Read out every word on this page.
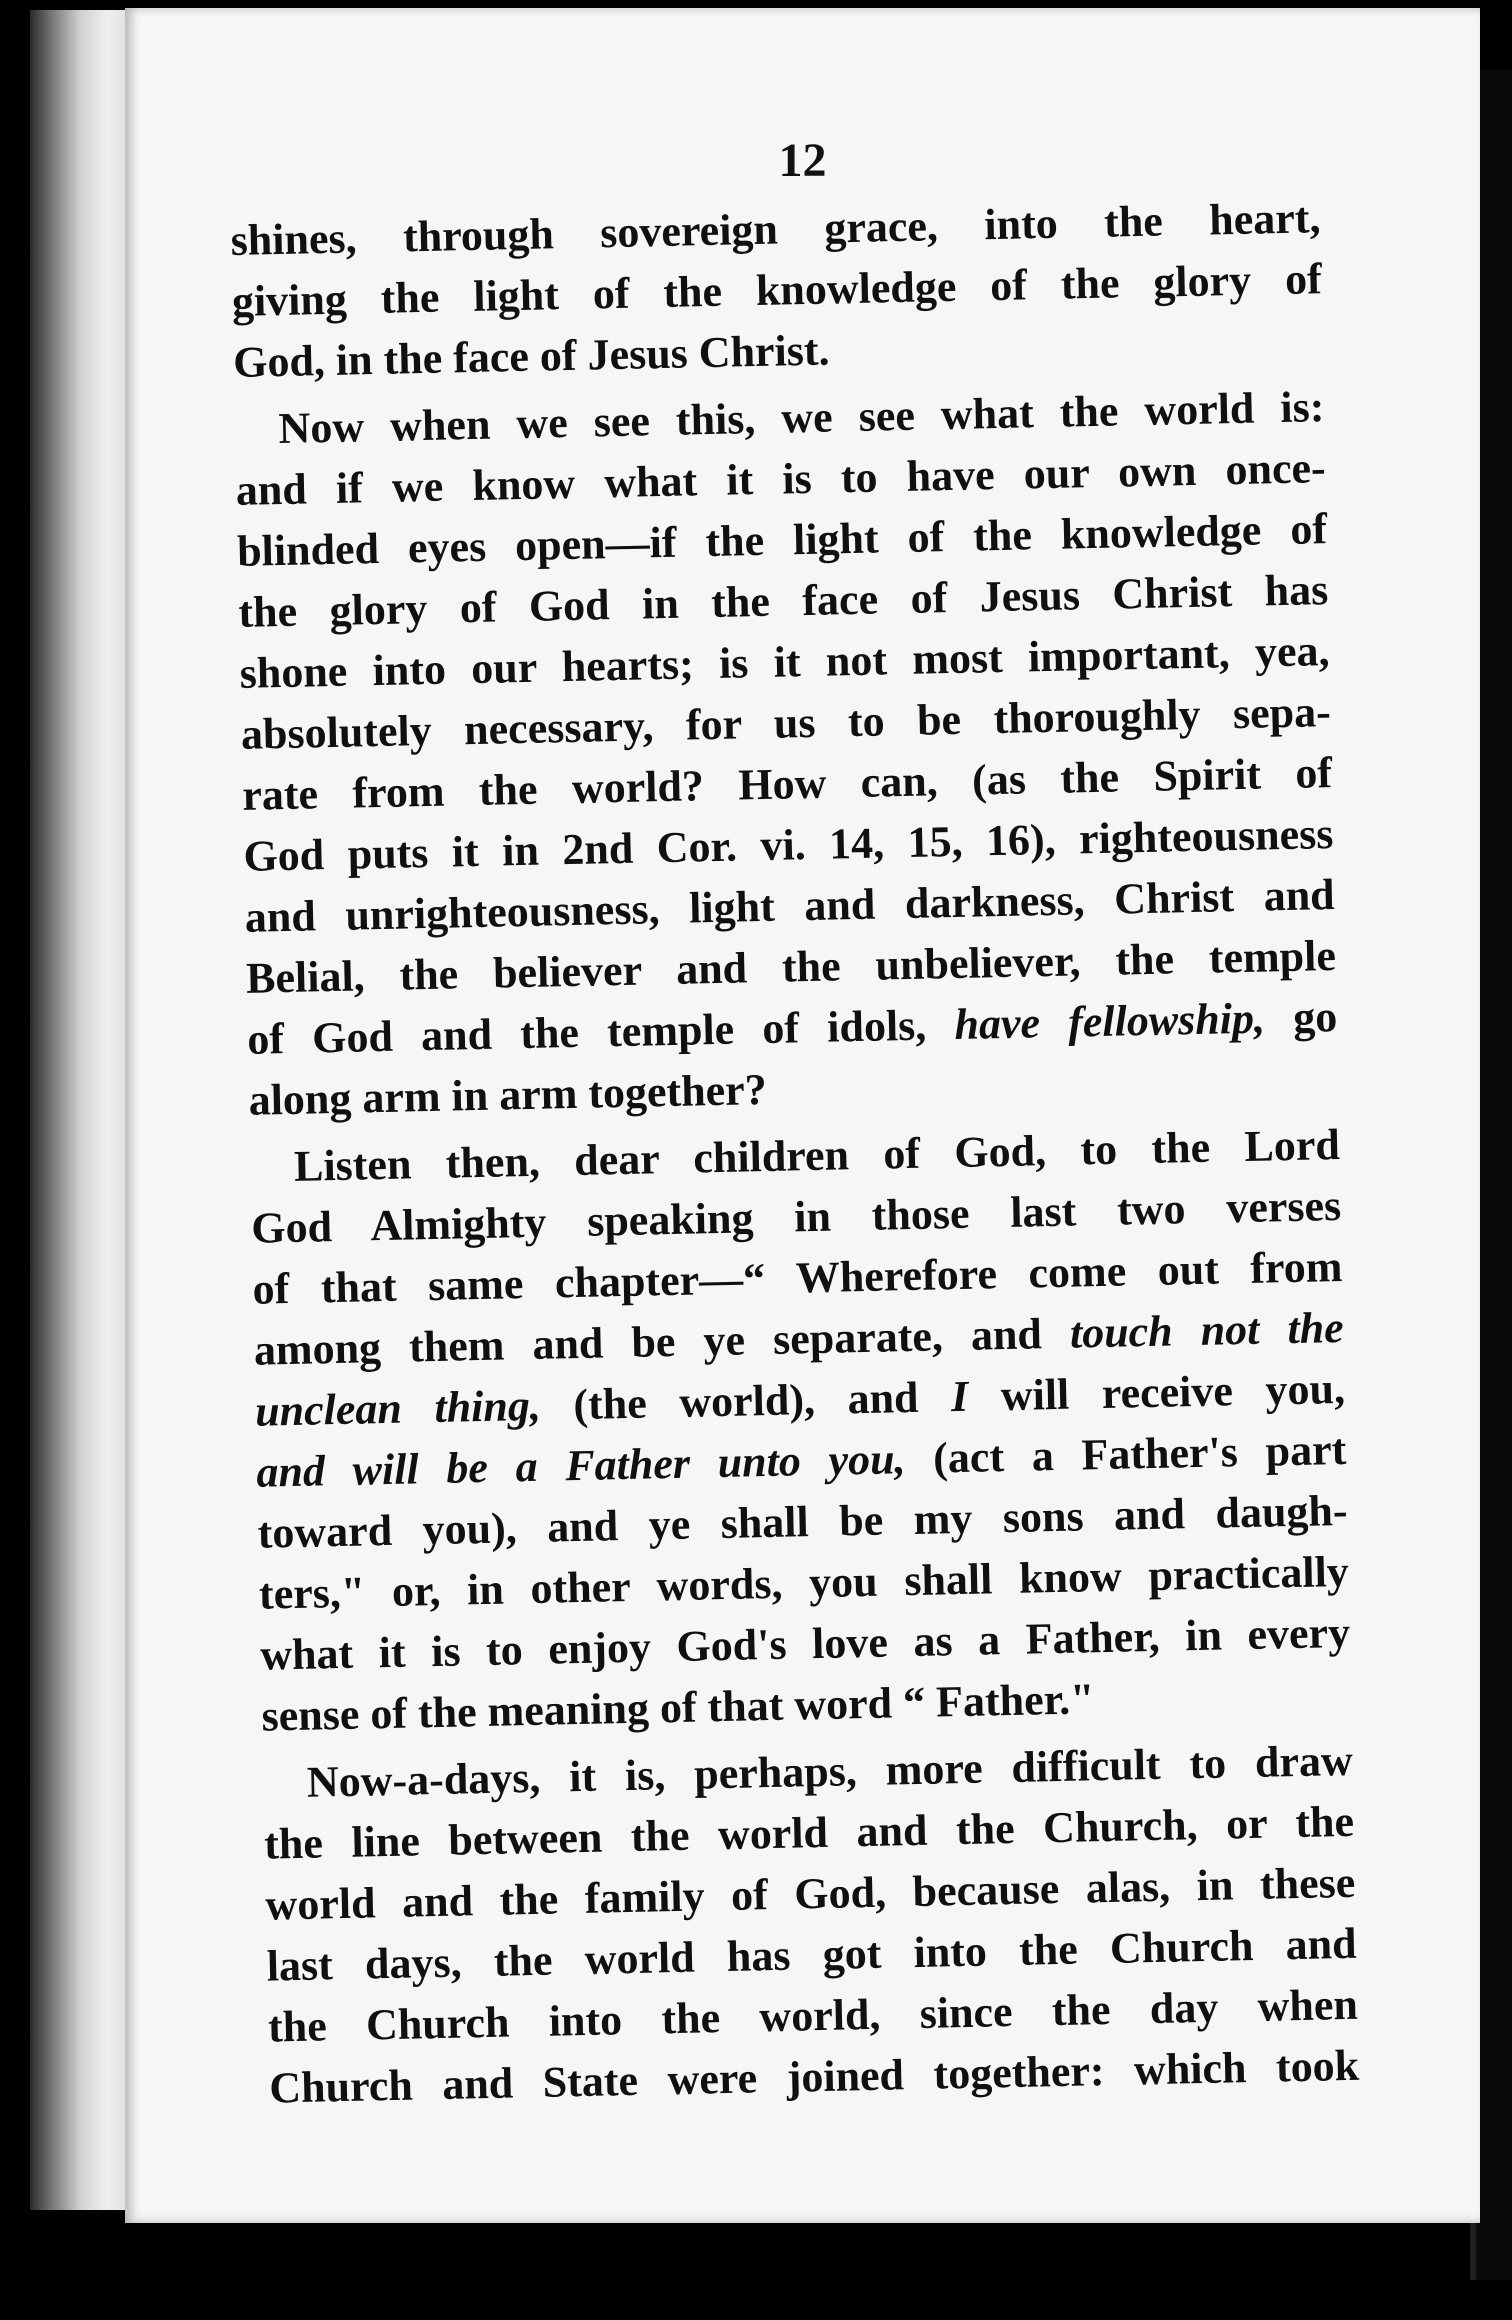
12
shines, through sovereign grace, into the heart,
giving the light of the knowledge of the glory of
God, in the face of Jesus Christ.
Now when we see this, we see what the world is:
and if we know what it is to have our own once-
blinded eyes open—if the light of the knowledge of
the glory of God in the face of Jesus Christ has
shone into our hearts; is it not most important, yea,
absolutely necessary, for us to be thoroughly sepa-
rate from the world? How can, (as the Spirit of
God puts it in 2nd Cor. vi. 14, 15, 16), righteousness
and unrighteousness, light and darkness, Christ and
Belial, the believer and the unbeliever, the temple
of God and the temple of idols, have fellowship, go
along arm in arm together?
Listen then, dear children of God, to the Lord
God Almighty speaking in those last two verses
of that same chapter—“ Wherefore come out from
among them and be ye separate, and touch not the
unclean thing, (the world), and I will receive you,
and will be a Father unto you, (act a Father's part
toward you), and ye shall be my sons and daugh-
ters," or, in other words, you shall know practically
what it is to enjoy God's love as a Father, in every
sense of the meaning of that word “ Father."
Now-a-days, it is, perhaps, more difficult to draw
the line between the world and the Church, or the
world and the family of God, because alas, in these
last days, the world has got into the Church and
the Church into the world, since the day when
Church and State were joined together: which took
